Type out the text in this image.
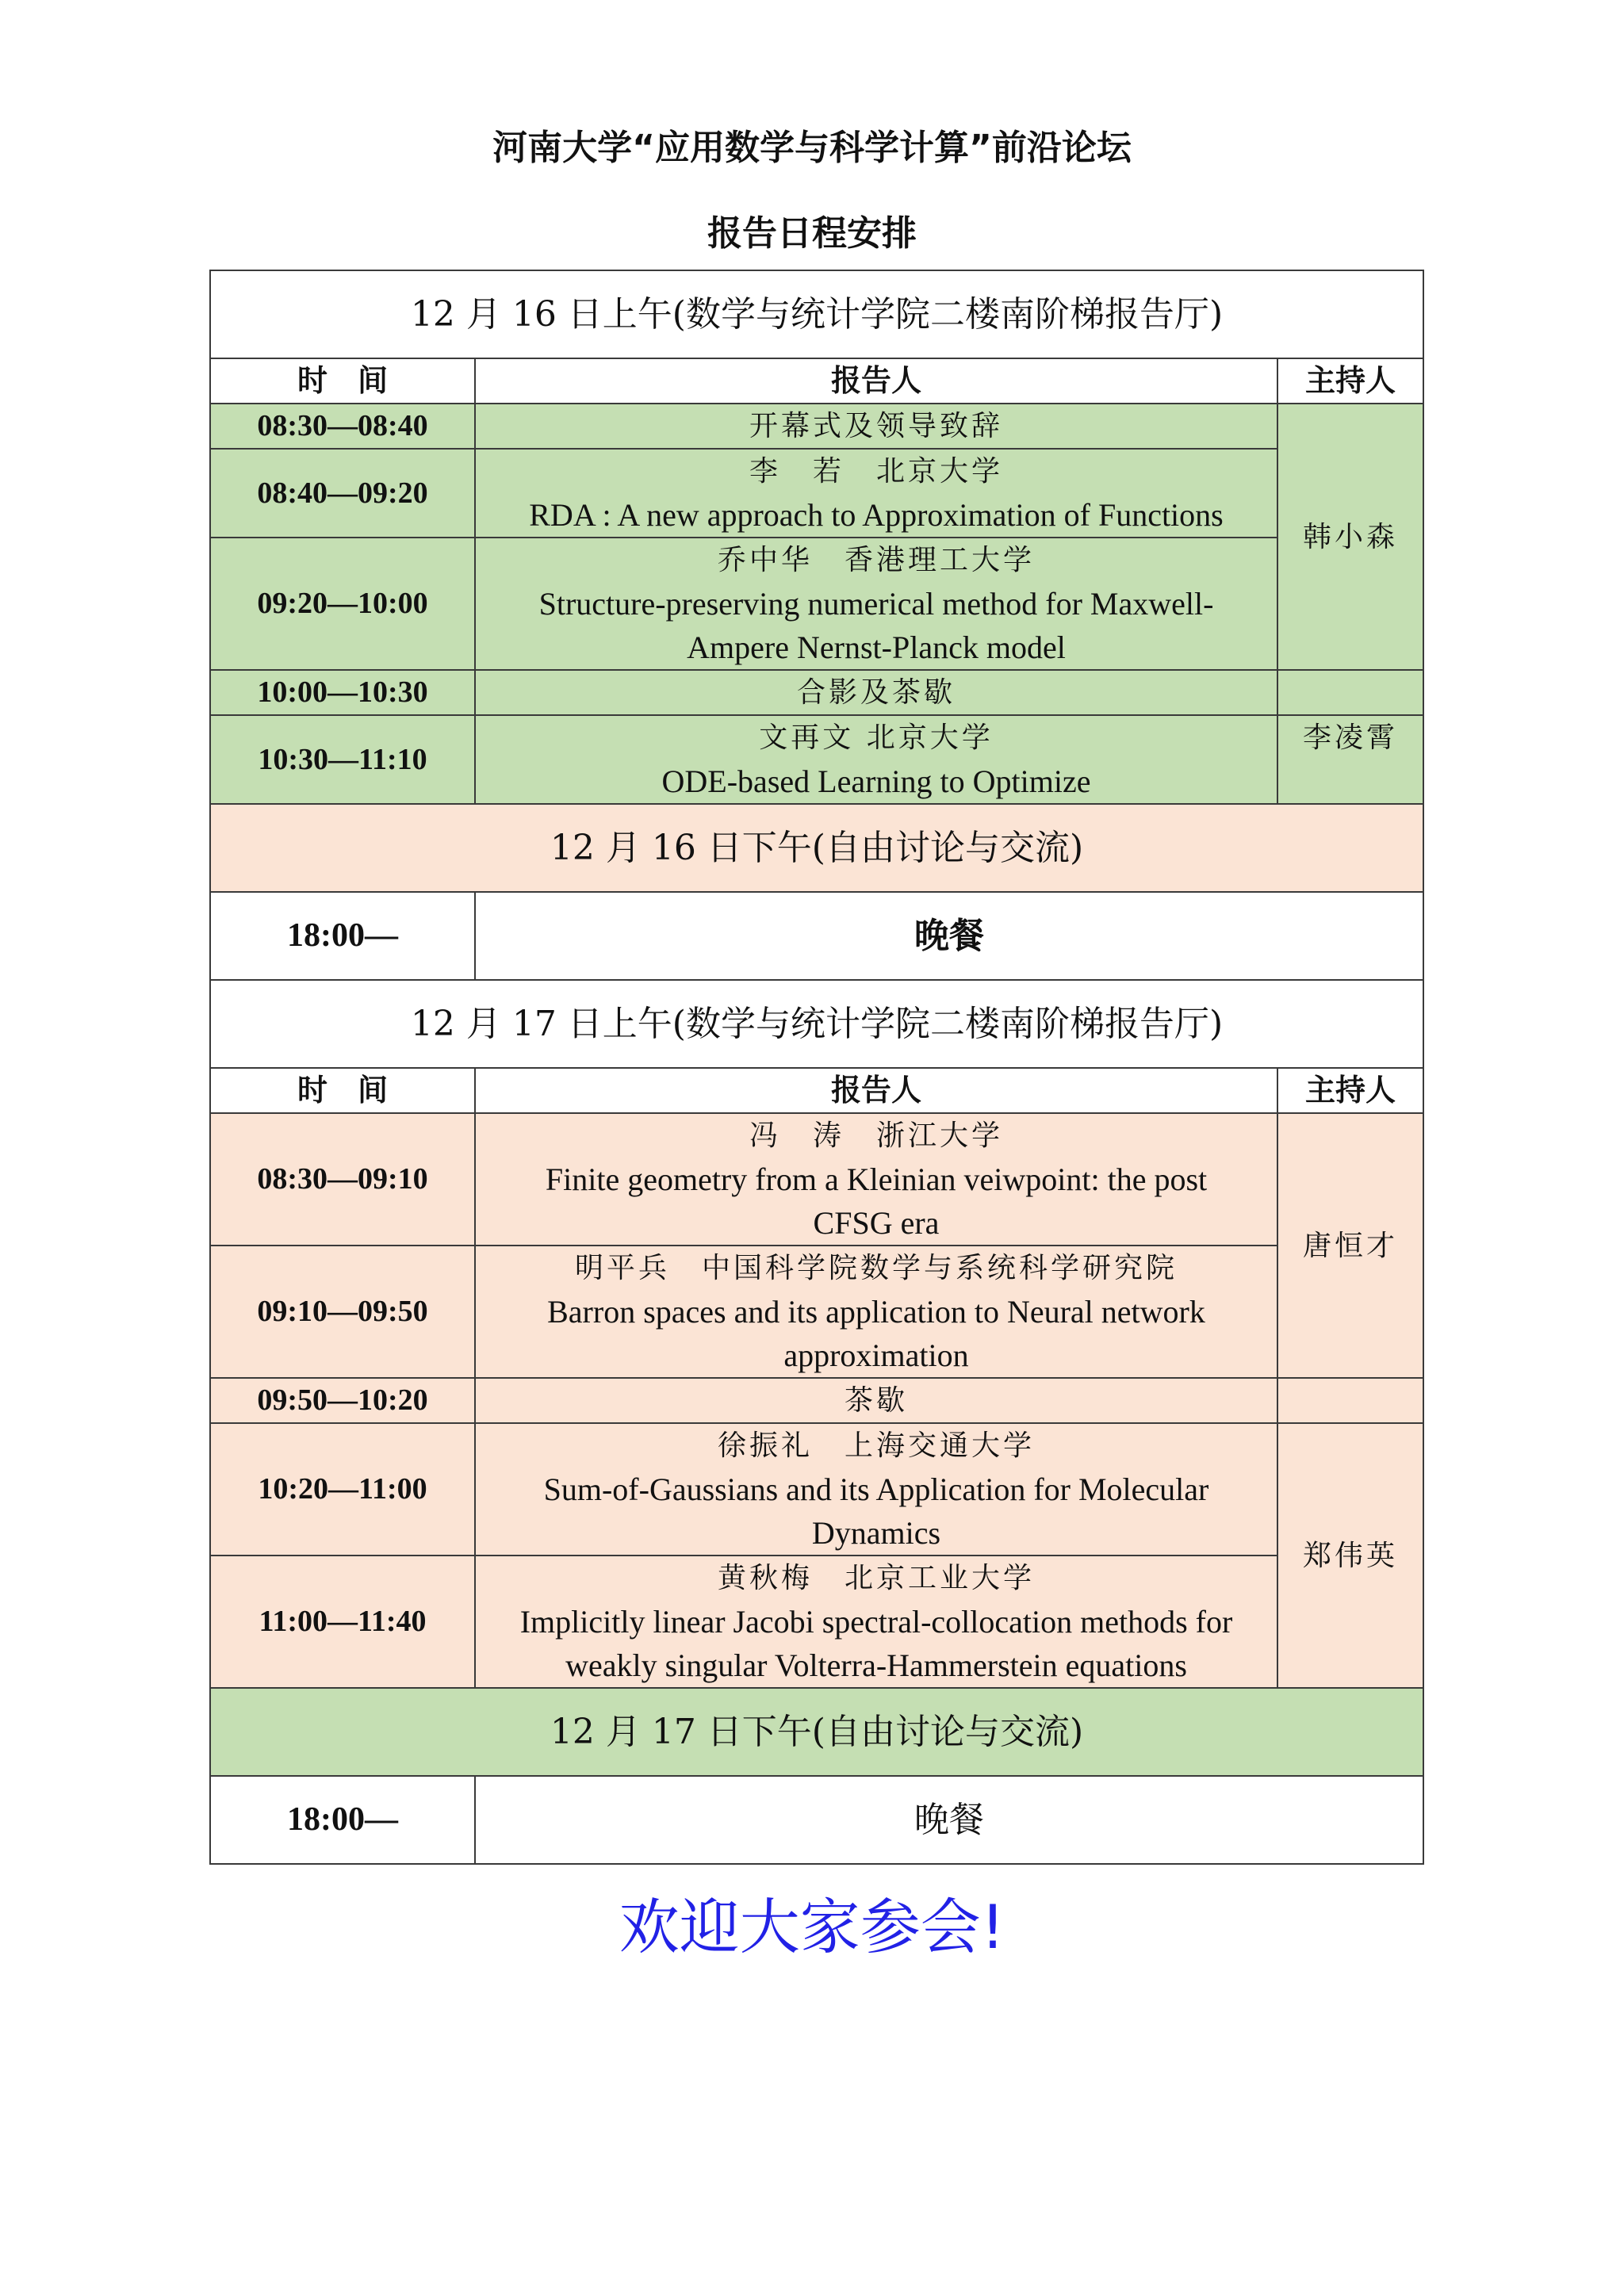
河南大学“应用数学与科学计算”前沿论坛
报告日程安排
12 月 16 日上午(数学与统计学院二楼南阶梯报告厅)		
时　间	报告人	主持人
08:30—08:40	开幕式及领导致辞	韩小森
08:40—09:20	李　若　北京大学
RDA : A new approach to Approximation of Functions	

09:20—10:00	乔中华　香港理工大学
Structure-preserving numerical method for Maxwell-
Ampere Nernst-Planck model	

10:00—10:30	合影及茶歇	

10:30—11:10	文再文 北京大学
ODE-based Learning to Optimize	李凌霄
12 月 16 日下午(自由讨论与交流)		
18:00—	晚餐	
12 月 17 日上午(数学与统计学院二楼南阶梯报告厅)		
时　间	报告人	主持人
08:30—09:10	冯　涛　浙江大学
Finite geometry from a Kleinian veiwpoint: the post
CFSG era	唐恒才
09:10—09:50	明平兵　中国科学院数学与系统科学研究院
Barron spaces and its application to Neural network
approximation	

09:50—10:20	茶歇	

10:20—11:00	徐振礼　上海交通大学
Sum-of-Gaussians and its Application for Molecular
Dynamics	郑伟英
11:00—11:40	黄秋梅　北京工业大学
Implicitly linear Jacobi spectral-collocation methods for
weakly singular Volterra-Hammerstein equations	

12 月 17 日下午(自由讨论与交流)		
18:00—	晚餐	
欢迎大家参会!
